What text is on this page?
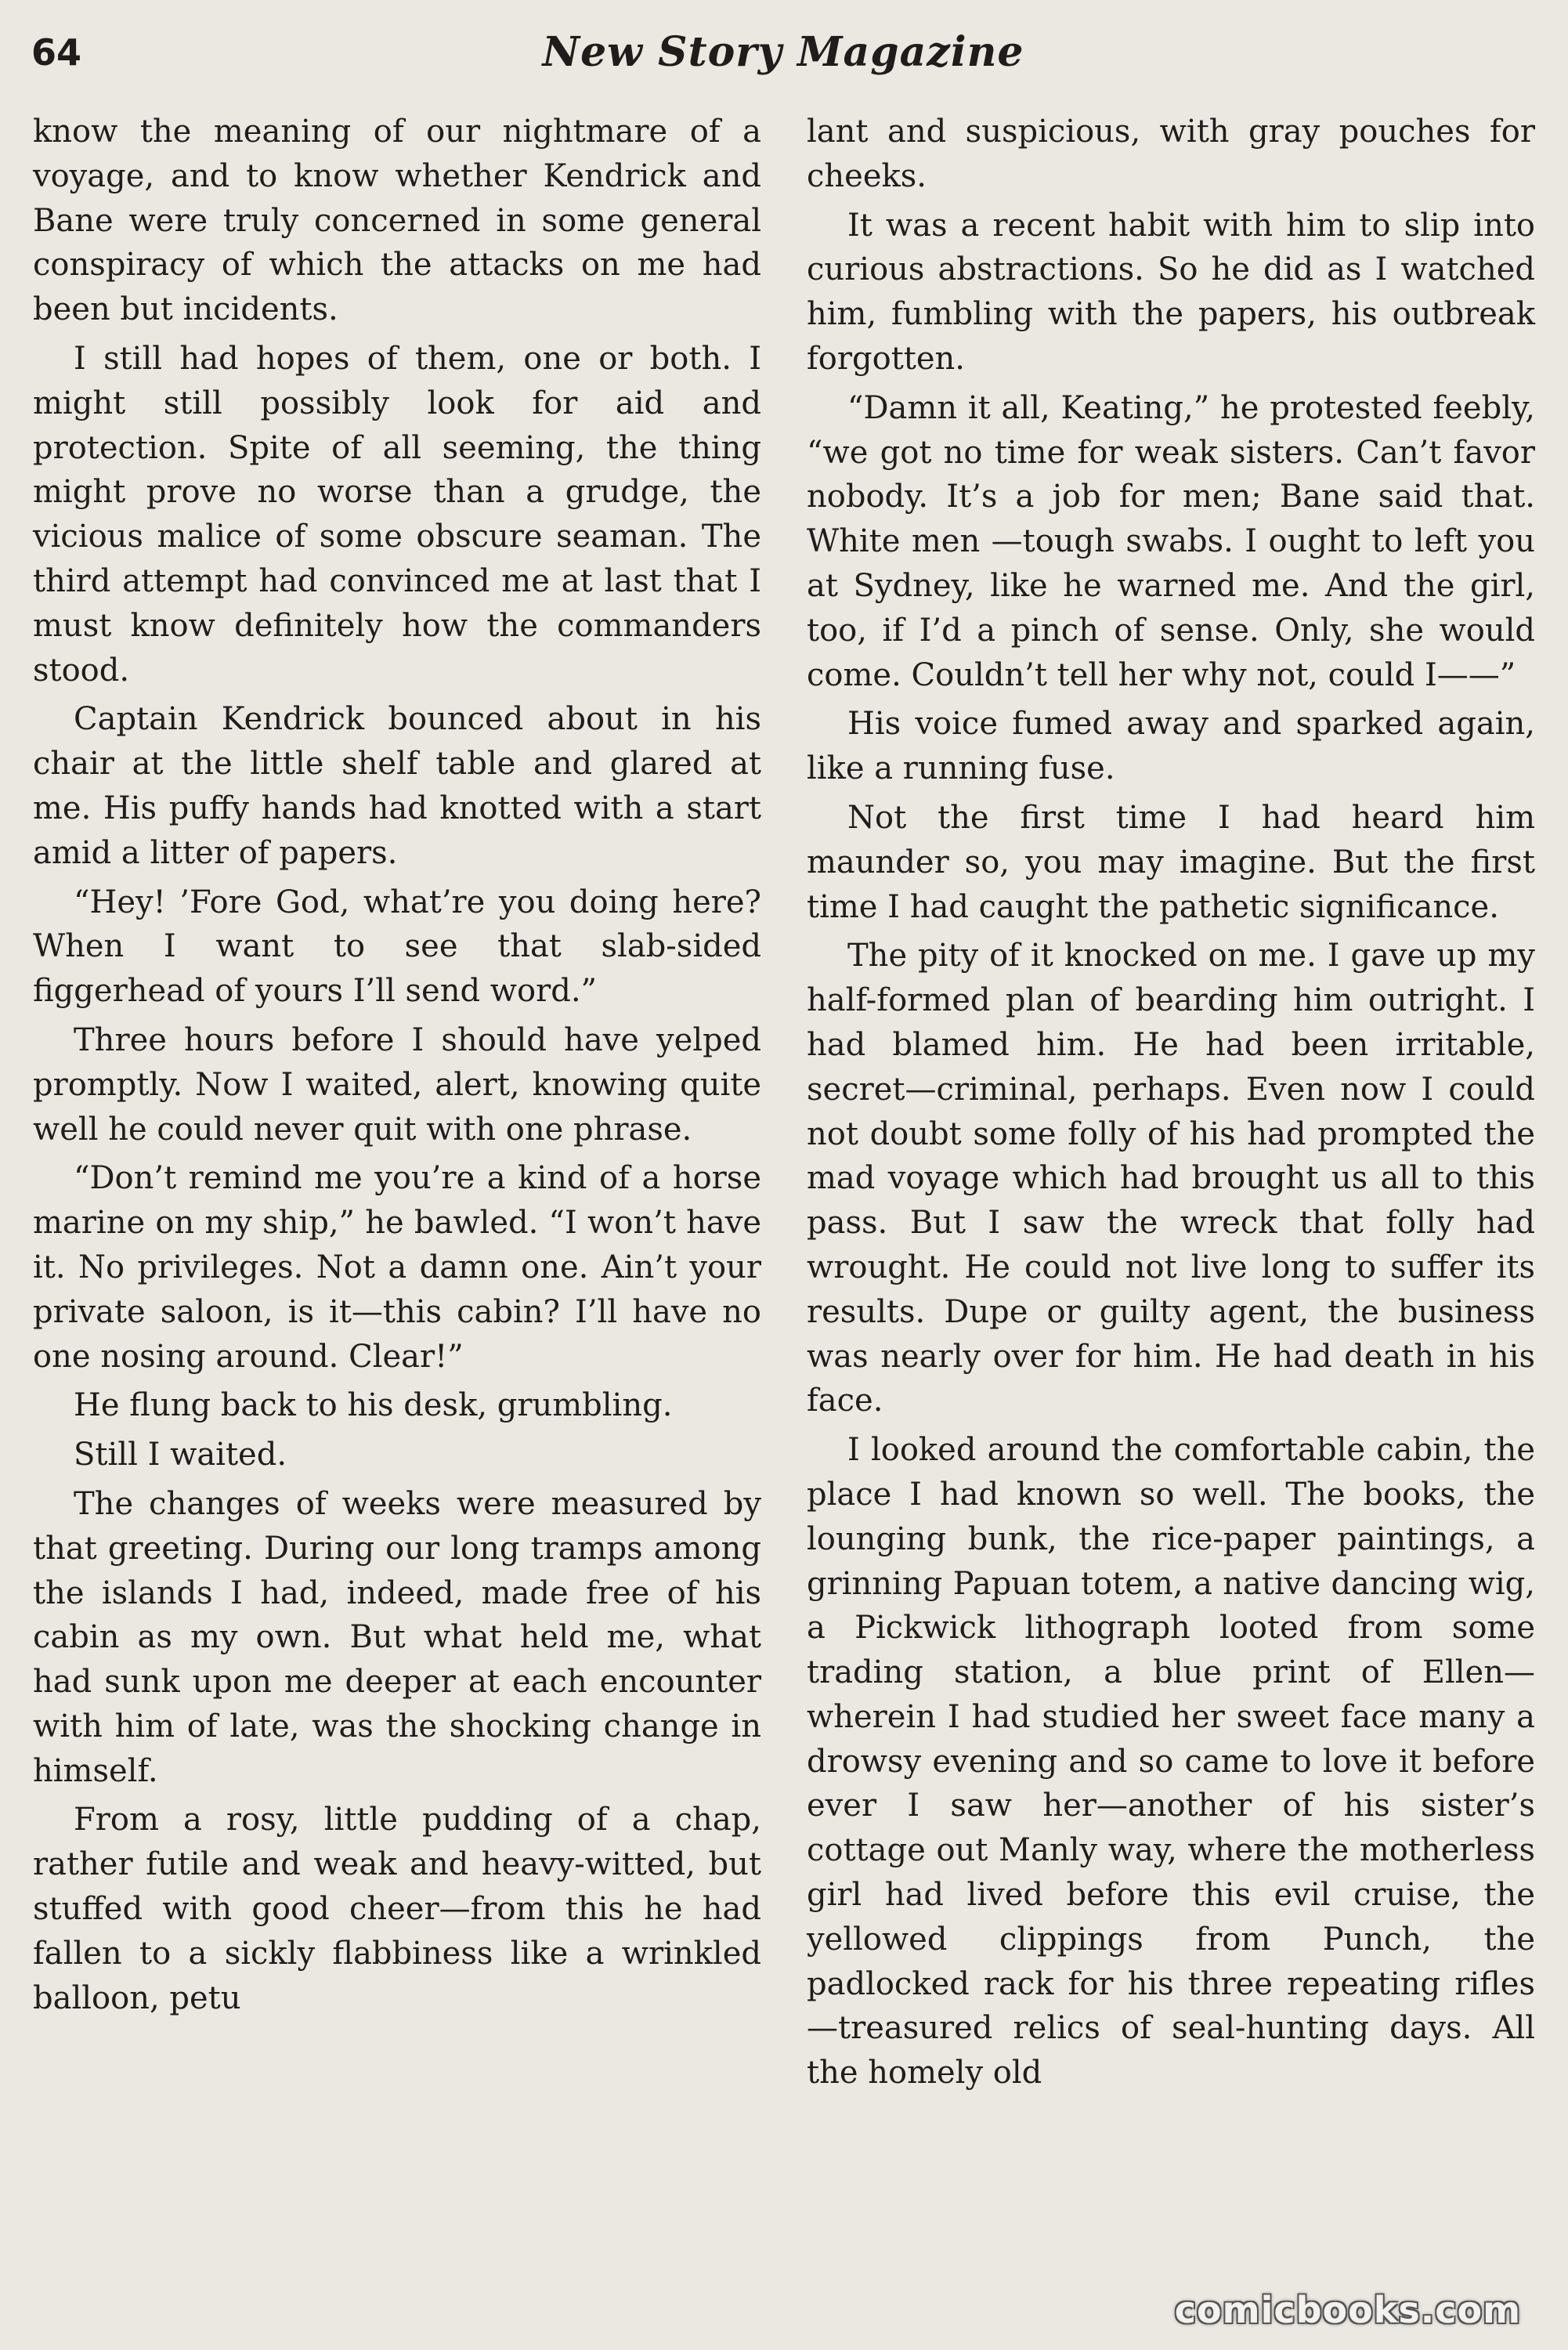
64	New Story Magazine

know the meaning of our nightmare of a voyage, and to know whether Kendrick and Bane were truly concerned in some general conspiracy of which the attacks on me had been but incidents.

I still had hopes of them, one or both. I might still possibly look for aid and protection. Spite of all seeming, the thing might prove no worse than a grudge, the vicious malice of some obscure seaman. The third attempt had convinced me at last that I must know definitely how the commanders stood.

Captain Kendrick bounced about in his chair at the little shelf table and glared at me. His puffy hands had knotted with a start amid a litter of papers.

“Hey! ’Fore God, what’re you doing here? When I want to see that slab-sided figgerhead of yours I’ll send word.”

Three hours before I should have yelped promptly. Now I waited, alert, knowing quite well he could never quit with one phrase.

“Don’t remind me you’re a kind of a horse marine on my ship,” he bawled. “I won’t have it. No privileges. Not a damn one. Ain’t your private saloon, is it—this cabin? I’ll have no one nosing around. Clear!”

He flung back to his desk, grumbling.

Still I waited.

The changes of weeks were measured by that greeting. During our long tramps among the islands I had, indeed, made free of his cabin as my own. But what held me, what had sunk upon me deeper at each encounter with him of late, was the shocking change in himself.

From a rosy, little pudding of a chap, rather futile and weak and heavy-witted, but stuffed with good cheer—from this he had fallen to a sickly flabbiness like a wrinkled balloon, petu

lant and suspicious, with gray pouches for cheeks.

It was a recent habit with him to slip into curious abstractions. So he did as I watched him, fumbling with the papers, his outbreak forgotten.

“Damn it all, Keating,” he protested feebly, “we got no time for weak sisters. Can’t favor nobody. It’s a job for men; Bane said that. White men —tough swabs. I ought to left you at Sydney, like he warned me. And the girl, too, if I’d a pinch of sense. Only, she would come. Couldn’t tell her why not, could I——”

His voice fumed away and sparked again, like a running fuse.

Not the first time I had heard him maunder so, you may imagine. But the first time I had caught the pathetic significance.

The pity of it knocked on me. I gave up my half-formed plan of bearding him outright. I had blamed him. He had been irritable, secret—criminal, perhaps. Even now I could not doubt some folly of his had prompted the mad voyage which had brought us all to this pass. But I saw the wreck that folly had wrought. He could not live long to suffer its results. Dupe or guilty agent, the business was nearly over for him. He had death in his face.

I looked around the comfortable cabin, the place I had known so well. The books, the lounging bunk, the rice-paper paintings, a grinning Papuan totem, a native dancing wig, a Pickwick lithograph looted from some trading station, a blue print of Ellen—wherein I had studied her sweet face many a drowsy evening and so came to love it before ever I saw her—another of his sister’s cottage out Manly way, where the motherless girl had lived before this evil cruise, the yellowed clippings from Punch, the padlocked rack for his three repeating rifles—treasured relics of seal-hunting days. All the homely old

comicbooks.com
